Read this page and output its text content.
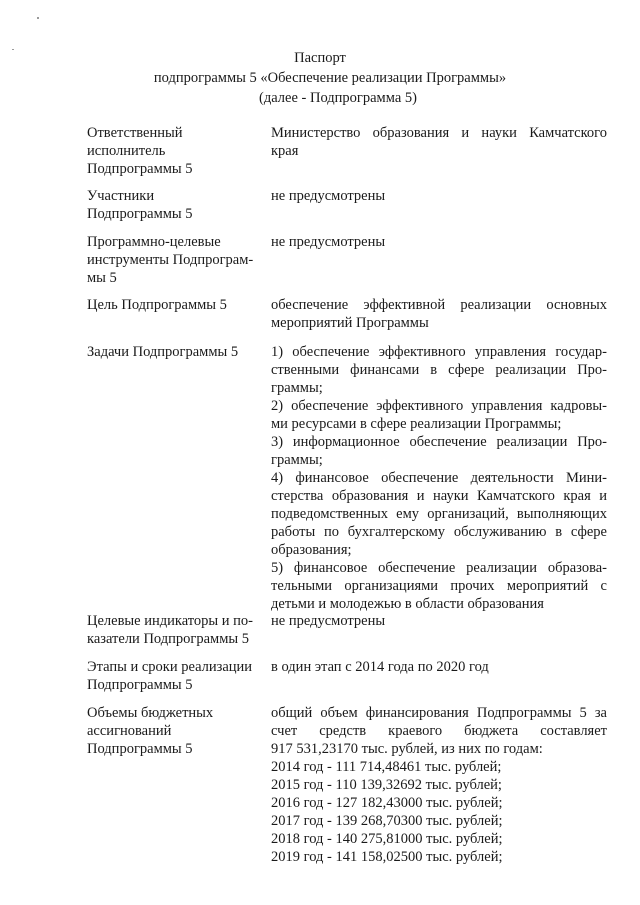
Паспорт
подпрограммы 5 «Обеспечение реализации Программы»
(далее - Подпрограмма 5)
Ответственный
исполнитель
Подпрограммы 5
Министерство образования и науки Камчатского
края
Участники
Подпрограммы 5
не предусмотрены
Программно-целевые
инструменты Подпрограм-
мы 5
не предусмотрены
Цель Подпрограммы 5	обеспечение эффективной реализации основных
мероприятий Программы
Задачи Подпрограммы 5	1) обеспечение эффективного управления государ-
ственными финансами в сфере реализации Про-
граммы;
2) обеспечение эффективного управления кадровы-
ми ресурсами в сфере реализации Программы;
3) информационное обеспечение реализации Про-
граммы;
4) финансовое обеспечение деятельности Мини-
стерства образования и науки Камчатского края и
подведомственных ему организаций, выполняющих
работы по бухгалтерскому обслуживанию в сфере
образования;
5) финансовое обеспечение реализации образова-
тельными организациями прочих мероприятий с
детьми и молодежью в области образования
Целевые индикаторы и по-
казатели Подпрограммы 5
не предусмотрены
Этапы и сроки реализации
Подпрограммы 5
в один этап с 2014 года по 2020 год
Объемы бюджетных
ассигнований
Подпрограммы 5
общий объем финансирования Подпрограммы 5 за
счет средств краевого бюджета составляет
917 531,23170 тыс. рублей, из них по годам:
2014 год - 111 714,48461 тыс. рублей;
2015 год - 110 139,32692 тыс. рублей;
2016 год - 127 182,43000 тыс. рублей;
2017 год - 139 268,70300 тыс. рублей;
2018 год - 140 275,81000 тыс. рублей;
2019 год - 141 158,02500 тыс. рублей;
